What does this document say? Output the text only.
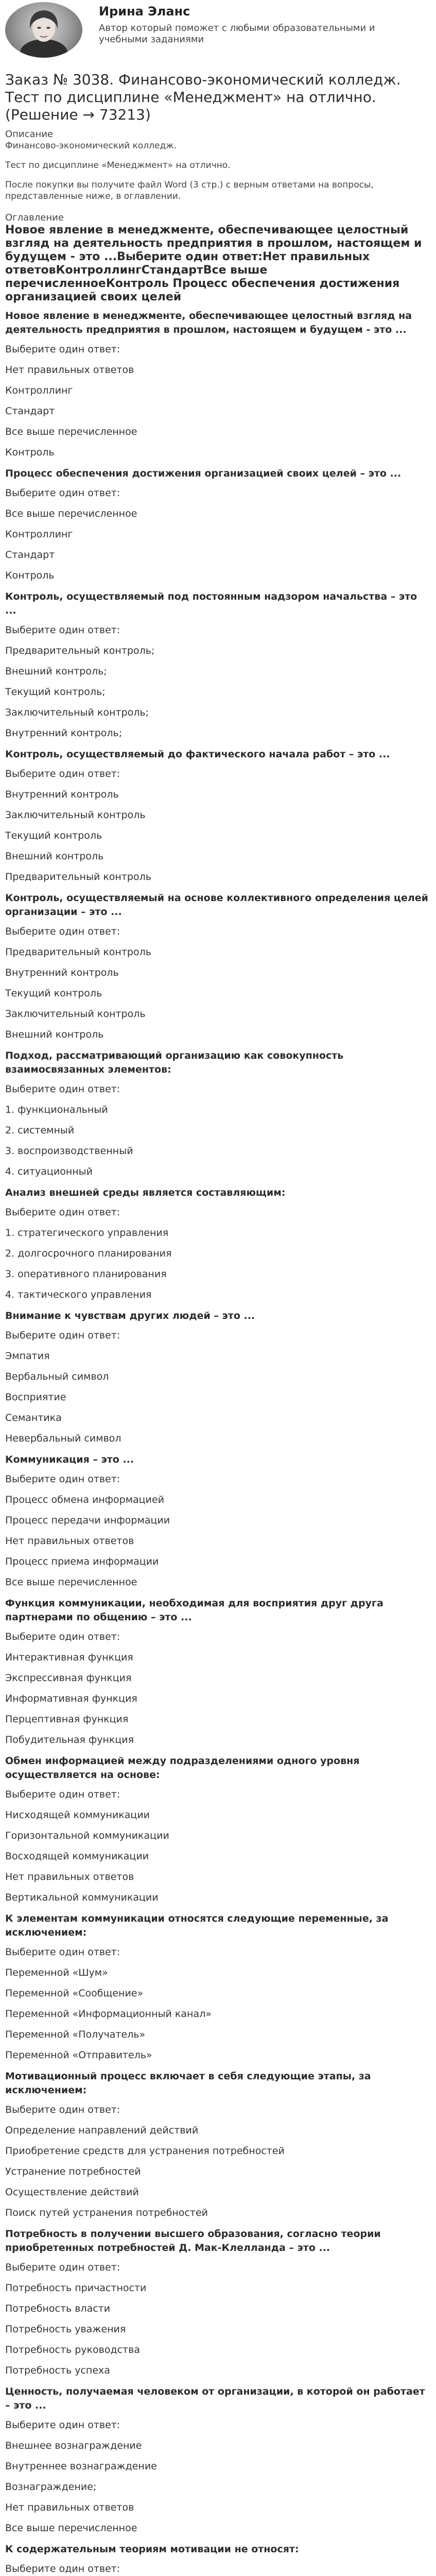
Ирина Эланс
Автор который поможет с любыми образовательными и учебными заданиями
Заказ № 3038. Финансово-экономический колледж. Тест по дисциплине «Менеджмент» на отлично. (Решение → 73213)
Описание

Финансово-экономический колледж.

Тест по дисциплине «Менеджмент» на отлично.

После покупки вы получите файл Word (3 стр.) с верным ответами на вопросы, представленные ниже, в оглавлении.

Оглавление
Новое явление в менеджменте, обеспечивающее целостный взгляд на деятельность предприятия в прошлом, настоящем и будущем - это ...Выберите один ответ:Нет правильных ответовКонтроллингСтандартВсе выше перечисленноеКонтроль Процесс обеспечения достижения организацией своих целей
Новое явление в менеджменте, обеспечивающее целостный взгляд на деятельность предприятия в прошлом, настоящем и будущем - это ...
Выберите один ответ:
Нет правильных ответов
Контроллинг
Стандарт
Все выше перечисленное
Контроль
Процесс обеспечения достижения организацией своих целей – это ...
Выберите один ответ:
Все выше перечисленное
Контроллинг
Стандарт
Контроль
Контроль, осуществляемый под постоянным надзором начальства – это ...
Выберите один ответ:
Предварительный контроль;
Внешний контроль;
Текущий контроль;
Заключительный контроль;
Внутренний контроль;
Контроль, осуществляемый до фактического начала работ – это ...
Выберите один ответ:
Внутренний контроль
Заключительный контроль
Текущий контроль
Внешний контроль
Предварительный контроль
Контроль, осуществляемый на основе коллективного определения целей организации – это ...
Выберите один ответ:
Предварительный контроль
Внутренний контроль
Текущий контроль
Заключительный контроль
Внешний контроль
Подход, рассматривающий организацию как совокупность взаимосвязанных элементов:
Выберите один ответ:
1. функциональный
2. системный
3. воспроизводственный
4. ситуационный
Анализ внешней среды является составляющим:
Выберите один ответ:
1. стратегического управления
2. долгосрочного планирования
3. оперативного планирования
4. тактического управления
Внимание к чувствам других людей – это ...
Выберите один ответ:
Эмпатия
Вербальный символ
Восприятие
Семантика
Невербальный символ
Коммуникация – это ...
Выберите один ответ:
Процесс обмена информацией
Процесс передачи информации
Нет правильных ответов
Процесс приема информации
Все выше перечисленное
Функция коммуникации, необходимая для восприятия друг друга партнерами по общению – это ...
Выберите один ответ:
Интерактивная функция
Экспрессивная функция
Информативная функция
Перцептивная функция
Побудительная функция
Обмен информацией между подразделениями одного уровня осуществляется на основе:
Выберите один ответ:
Нисходящей коммуникации
Горизонтальной коммуникации
Восходящей коммуникации
Нет правильных ответов
Вертикальной коммуникации
К элементам коммуникации относятся следующие переменные, за исключением:
Выберите один ответ:
Переменной «Шум»
Переменной «Сообщение»
Переменной «Информационный канал»
Переменной «Получатель»
Переменной «Отправитель»
Мотивационный процесс включает в себя следующие этапы, за исключением:
Выберите один ответ:
Определение направлений действий
Приобретение средств для устранения потребностей
Устранение потребностей
Осуществление действий
Поиск путей устранения потребностей
Потребность в получении высшего образования, согласно теории приобретенных потребностей Д. Мак-Клелланда – это ...
Выберите один ответ:
Потребность причастности
Потребность власти
Потребность уважения
Потребность руководства
Потребность успеха
Ценность, получаемая человеком от организации, в которой он работает – это ...
Выберите один ответ:
Внешнее вознаграждение
Внутреннее вознаграждение
Вознаграждение;
Нет правильных ответов
Все выше перечисленное
К содержательным теориям мотивации не относят:
Выберите один ответ:
